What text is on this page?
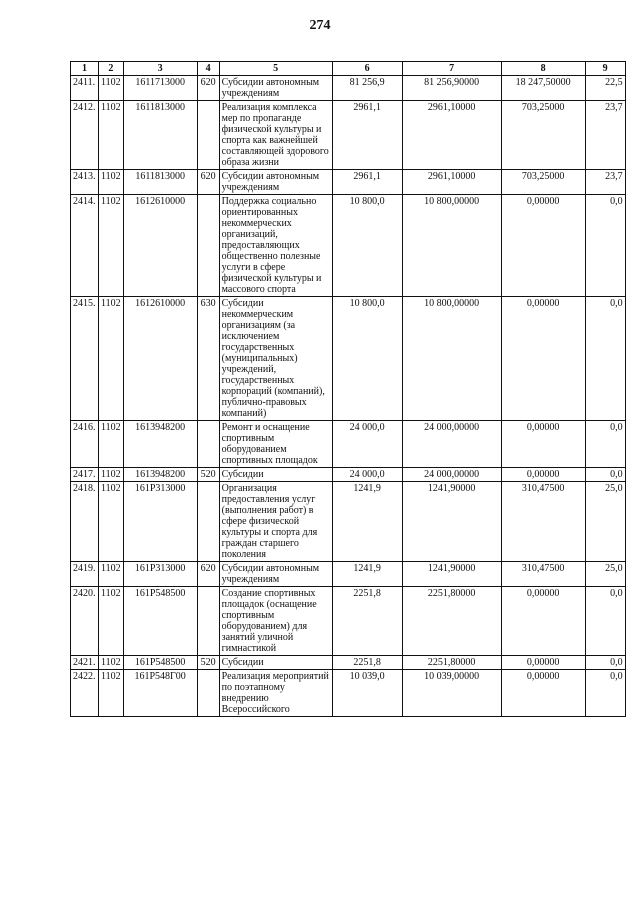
274
1	2	3	4	5	6	7	8	9
2411.	1102	1611713000	620	Субсидии автономным учреждениям	81 256,9	81 256,90000	18 247,50000	22,5
2412.	1102	1611813000		Реализация комплекса мер по пропаганде физической культуры и спорта как важнейшей составляющей здорового образа жизни	2961,1	2961,10000	703,25000	23,7
2413.	1102	1611813000	620	Субсидии автономным учреждениям	2961,1	2961,10000	703,25000	23,7
2414.	1102	1612610000		Поддержка социально ориентированных некоммерческих организаций, предоставляющих общественно полезные услуги в сфере физической культуры и массового спорта	10 800,0	10 800,00000	0,00000	0,0
2415.	1102	1612610000	630	Субсидии некоммерческим организациям (за исключением государственных (муниципальных) учреждений, государственных корпораций (компаний), публично-правовых компаний)	10 800,0	10 800,00000	0,00000	0,0
2416.	1102	1613948200		Ремонт и оснащение спортивным оборудованием спортивных площадок	24 000,0	24 000,00000	0,00000	0,0
2417.	1102	1613948200	520	Субсидии	24 000,0	24 000,00000	0,00000	0,0
2418.	1102	161P313000		Организация предоставления услуг (выполнения работ) в сфере физической культуры и спорта для граждан старшего поколения	1241,9	1241,90000	310,47500	25,0
2419.	1102	161P313000	620	Субсидии автономным учреждениям	1241,9	1241,90000	310,47500	25,0
2420.	1102	161P548500		Создание спортивных площадок (оснащение спортивным оборудованием) для занятий уличной гимнастикой	2251,8	2251,80000	0,00000	0,0
2421.	1102	161P548500	520	Субсидии	2251,8	2251,80000	0,00000	0,0
2422.	1102	161P548Г00		Реализация мероприятий по поэтапному внедрению Всероссийского	10 039,0	10 039,00000	0,00000	0,0
